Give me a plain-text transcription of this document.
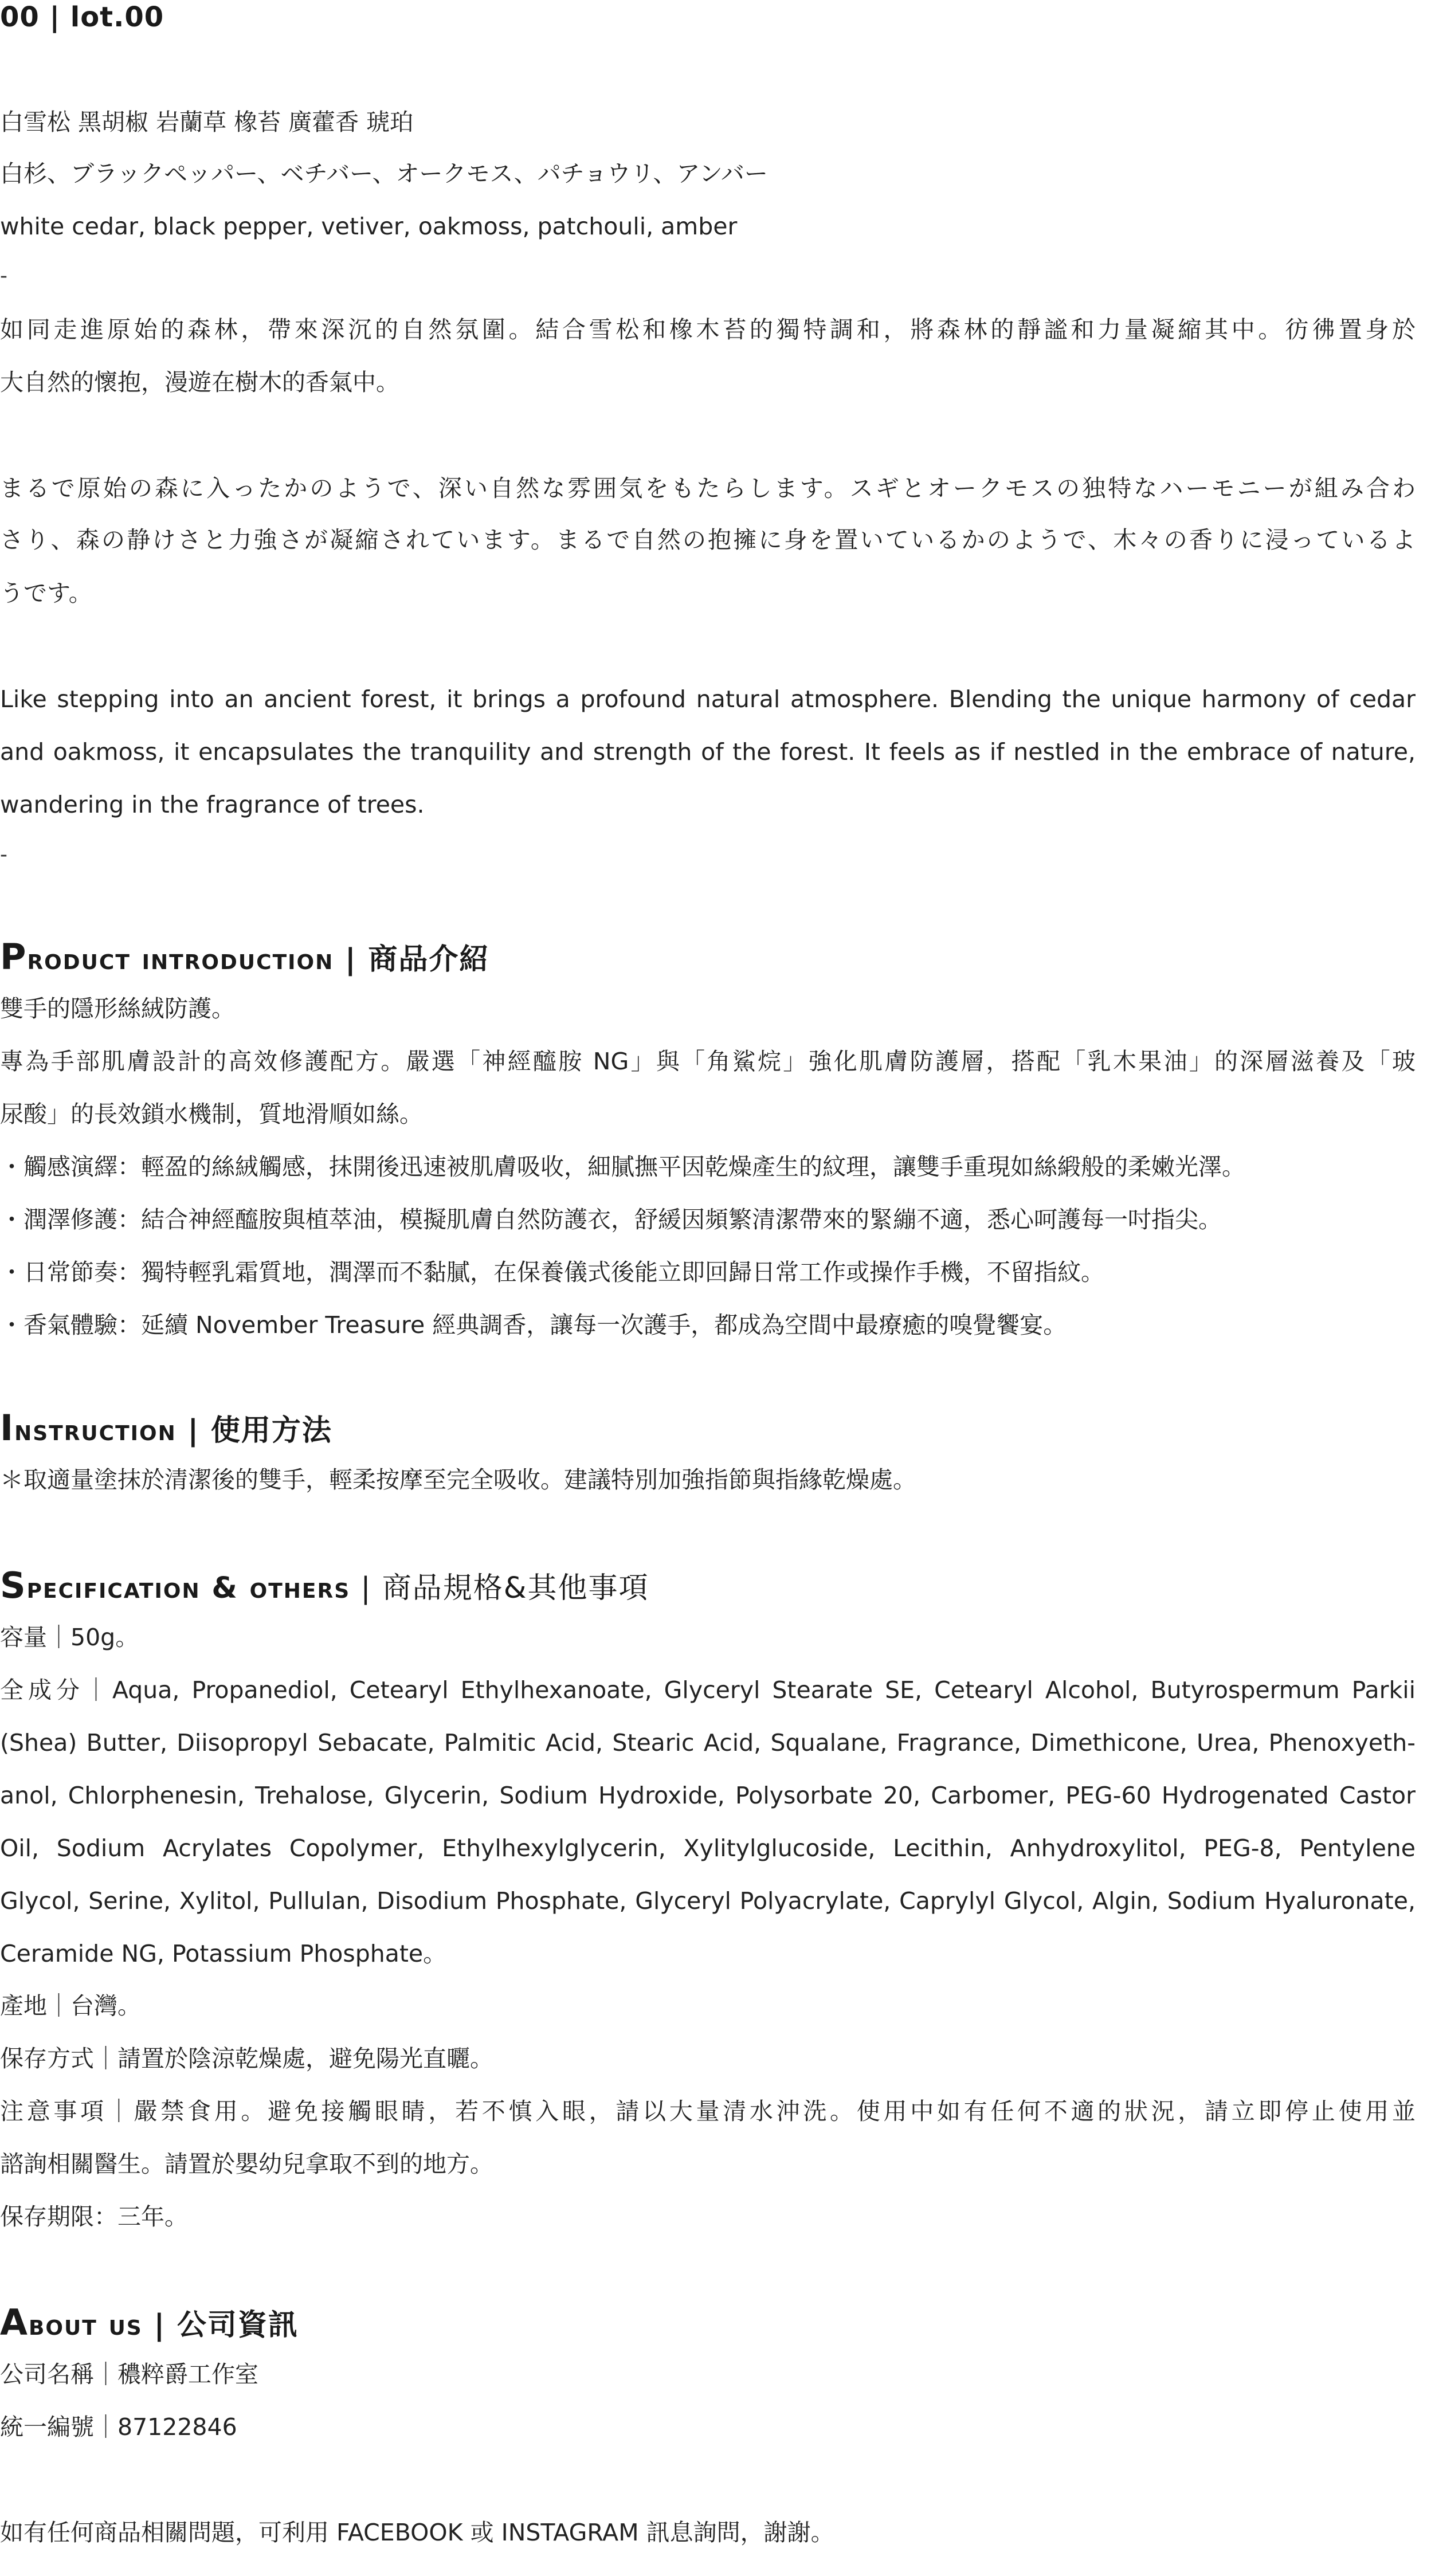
00 | lot.00

白雪松 黑胡椒 岩蘭草 橡苔 廣藿香 琥珀

白杉、ブラックペッパー、ベチバー、オークモス、パチョウリ、アンバー

white cedar, black pepper, vetiver, oakmoss, patchouli, amber

-

如同走進原始的森林，帶來深沉的自然氛圍。結合雪松和橡木苔的獨特調和，將森林的靜謐和力量凝縮其中。彷彿置身於

大自然的懷抱，漫遊在樹木的香氣中。

まるで原始の森に入ったかのようで、深い自然な雰囲気をもたらします。スギとオークモスの独特なハーモニーが組み合わ

さり、森の静けさと力強さが凝縮されています。まるで自然の抱擁に身を置いているかのようで、木々の香りに浸っているよ

うです。

Like stepping into an ancient forest, it brings a profound natural atmosphere. Blending the unique harmony of cedar

and oakmoss, it encapsulates the tranquility and strength of the forest. It feels as if nestled in the embrace of nature,

wandering in the fragrance of trees.

-

Product introduction | 商品介紹

雙手的隱形絲絨防護。

專為手部肌膚設計的高效修護配方。嚴選「神經醯胺 NG」與「角鯊烷」強化肌膚防護層，搭配「乳木果油」的深層滋養及「玻

尿酸」的長效鎖水機制，質地滑順如絲。

・觸感演繹：輕盈的絲絨觸感，抹開後迅速被肌膚吸收，細膩撫平因乾燥產生的紋理，讓雙手重現如絲緞般的柔嫩光澤。

・潤澤修護：結合神經醯胺與植萃油，模擬肌膚自然防護衣，舒緩因頻繁清潔帶來的緊繃不適，悉心呵護每一吋指尖。

・日常節奏：獨特輕乳霜質地，潤澤而不黏膩，在保養儀式後能立即回歸日常工作或操作手機，不留指紋。

・香氣體驗：延續 November Treasure 經典調香，讓每一次護手，都成為空間中最療癒的嗅覺饗宴。

Instruction | 使用方法

＊取適量塗抹於清潔後的雙手，輕柔按摩至完全吸收。建議特別加強指節與指緣乾燥處。

Specification & others | 商品規格&其他事項

容量｜50g。

全成分｜Aqua, Propanediol, Cetearyl Ethylhexanoate, Glyceryl Stearate SE, Cetearyl Alcohol, Butyrospermum Parkii

(Shea) Butter, Diisopropyl Sebacate, Palmitic Acid, Stearic Acid, Squalane, Fragrance, Dimethicone, Urea, Phenoxyeth-

anol, Chlorphenesin, Trehalose, Glycerin, Sodium Hydroxide, Polysorbate 20, Carbomer, PEG-60 Hydrogenated Castor

Oil, Sodium Acrylates Copolymer, Ethylhexylglycerin, Xylitylglucoside, Lecithin, Anhydroxylitol, PEG-8, Pentylene

Glycol, Serine, Xylitol, Pullulan, Disodium Phosphate, Glyceryl Polyacrylate, Caprylyl Glycol, Algin, Sodium Hyaluronate,

Ceramide NG, Potassium Phosphate。

產地｜台灣。

保存方式｜請置於陰涼乾燥處，避免陽光直曬。

注意事項｜嚴禁食用。避免接觸眼睛，若不慎入眼，請以大量清水沖洗。使用中如有任何不適的狀況，請立即停止使用並

諮詢相關醫生。請置於嬰幼兒拿取不到的地方。

保存期限：三年。

About us | 公司資訊

公司名稱｜穠粹爵工作室

統一編號｜87122846

如有任何商品相關問題，可利用 FACEBOOK 或 INSTAGRAM 訊息詢問，謝謝。
